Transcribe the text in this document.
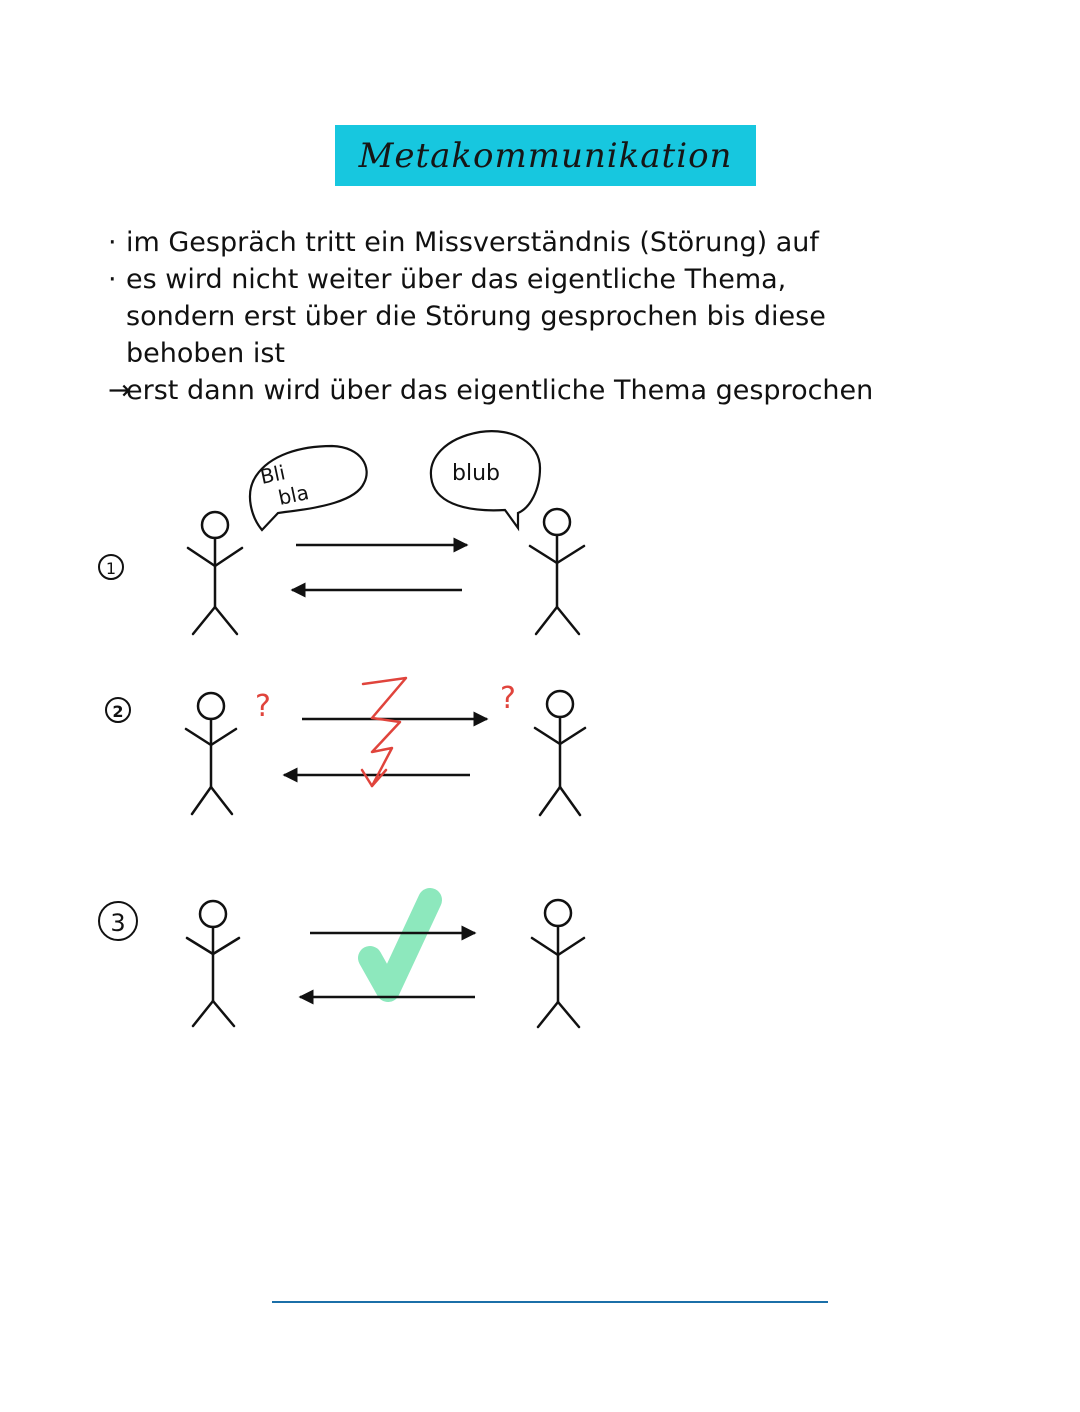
Metakommunikation
· im Gespräch tritt ein Missverständnis (Störung) auf
· es wird nicht weiter über das eigentliche Thema,
sondern erst über die Störung gesprochen bis diese
behoben ist
→
erst dann wird über das eigentliche Thema gesprochen
1
Bli
bla
blub
2	?	?
3
